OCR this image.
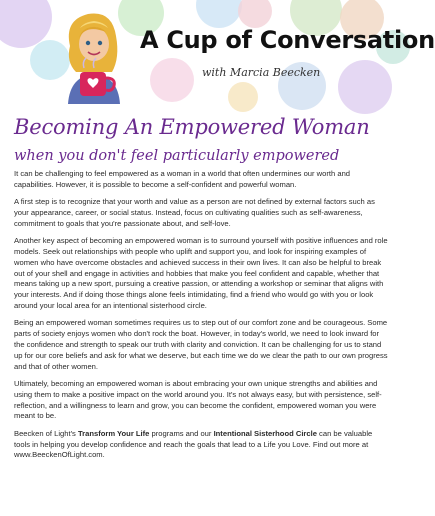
A Cup of Conversation
with Marcia Beecken
Becoming An Empowered Woman
when you don't feel particularly empowered

It can be challenging to feel empowered as a woman in a world that often undermines our worth and capabilities. However, it is possible to become a self-confident and powerful woman.

A first step is to recognize that your worth and value as a person are not defined by external factors such as your appearance, career, or social status. Instead, focus on cultivating qualities such as self-awareness, commitment to goals that you're passionate about, and self-love.

Another key aspect of becoming an empowered woman is to surround yourself with positive influences and role models. Seek out relationships with people who uplift and support you, and look for inspiring examples of women who have overcome obstacles and achieved success in their own lives. It can also be helpful to break out of your shell and engage in activities and hobbies that make you feel confident and capable, whether that means taking up a new sport, pursuing a creative passion, or attending a workshop or seminar that aligns with your interests. And if doing those things alone feels intimidating, find a friend who would go with you or look around your local area for an intentional sisterhood circle.

Being an empowered woman sometimes requires us to step out of our comfort zone and be courageous. Some parts of society enjoys women who don't rock the boat. However, in today's world, we need to look inward for the confidence and strength to speak our truth with clarity and conviction. It can be challenging for us to stand up for our core beliefs and ask for what we deserve, but each time we do we clear the path to our own progress and that of other women.

Ultimately, becoming an empowered woman is about embracing your own unique strengths and abilities and using them to make a positive impact on the world around you. It's not always easy, but with persistence, self-reflection, and a willingness to learn and grow, you can become the confident, empowered woman you were meant to be.

Beecken of Light's Transform Your Life programs and our Intentional Sisterhood Circle can be valuable tools in helping you develop confidence and reach the goals that lead to a Life you Love. Find out more at www.BeeckenOfLight.com.
